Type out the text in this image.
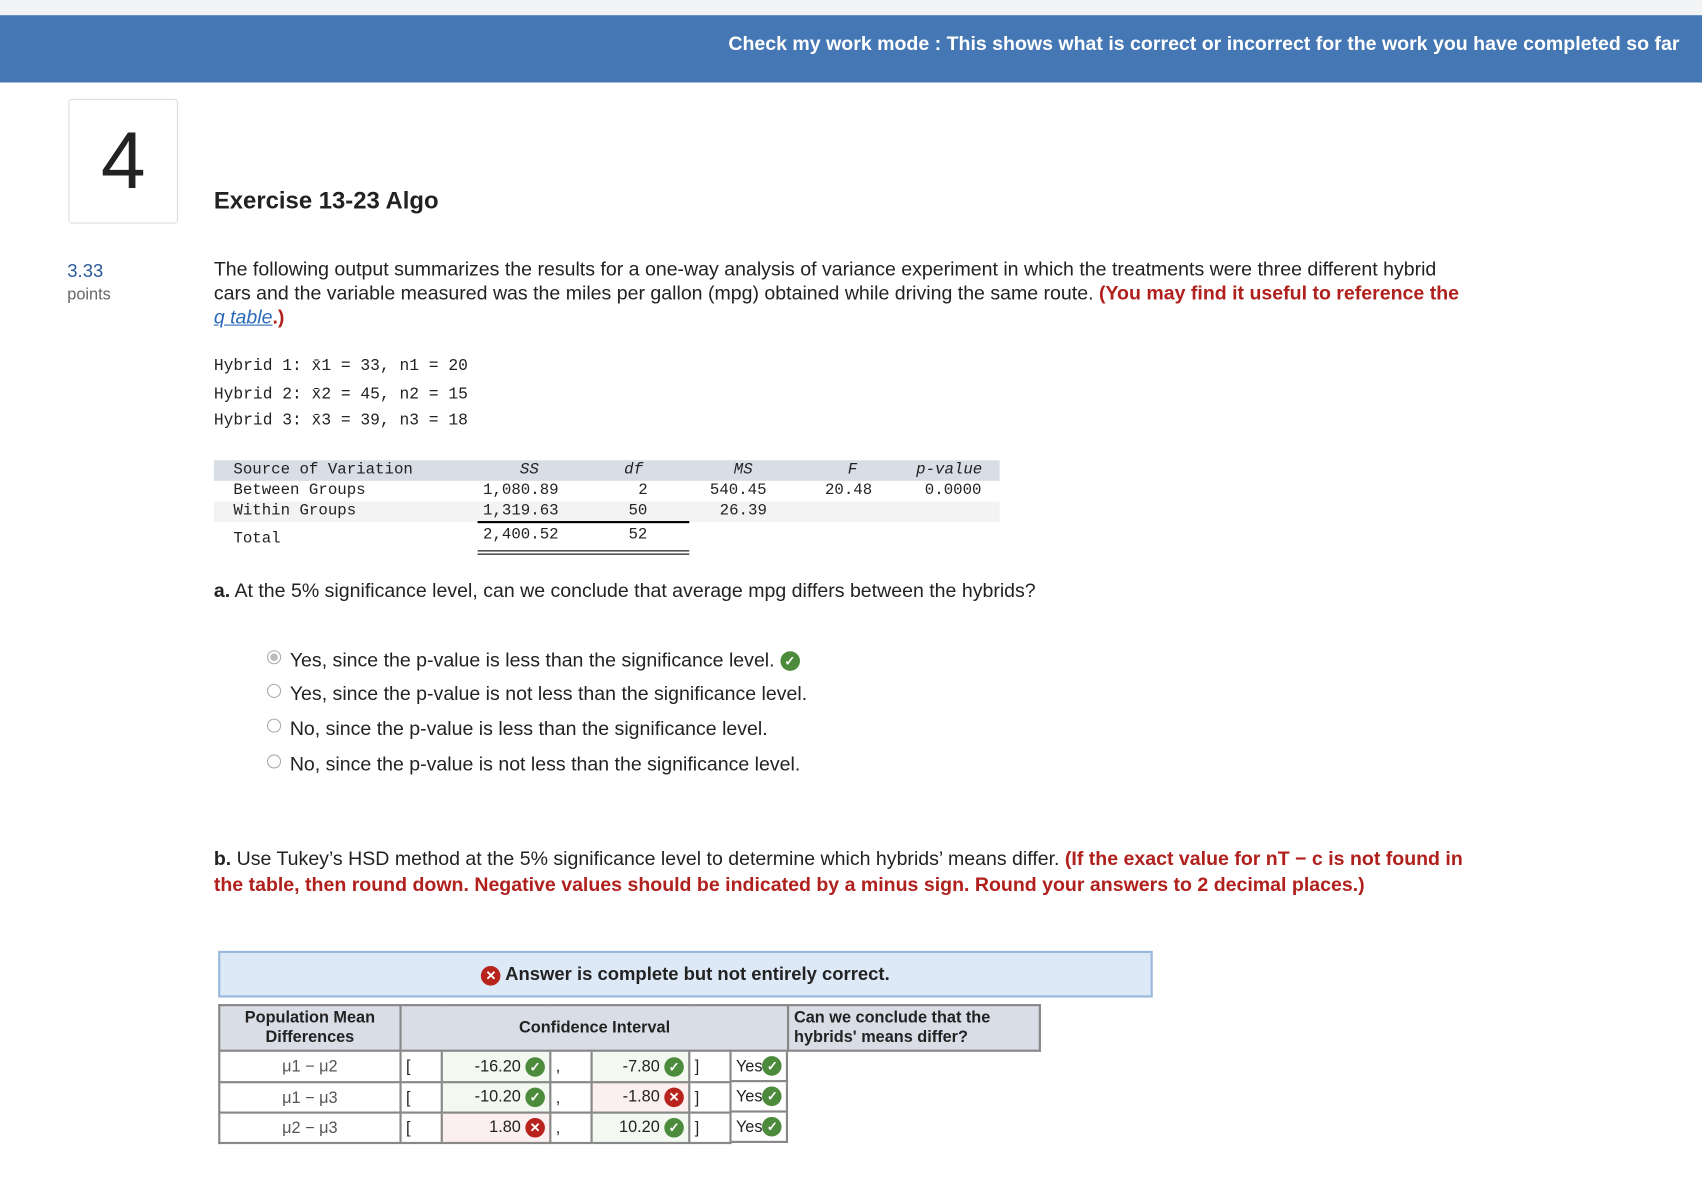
Check my work mode : This shows what is correct or incorrect for the work you have completed so far
4
3.33
points
Exercise 13-23 Algo
The following output summarizes the results for a one-way analysis of variance experiment in which the treatments were three different hybrid cars and the variable measured was the miles per gallon (mpg) obtained while driving the same route. (You may find it useful to reference the q table.)
Hybrid 1: x̄1 = 33, n1 = 20
Hybrid 2: x̄2 = 45, n2 = 15
Hybrid 3: x̄3 = 39, n3 = 18
Source of Variation	SS	df	MS	F	p-value
Between Groups	1,080.89	2	540.45	20.48	0.0000
Within Groups	1,319.63	50	26.39
Total	2,400.52	52
a. At the 5% significance level, can we conclude that average mpg differs between the hybrids?
Yes, since the p-value is less than the significance level.
✓
Yes, since the p-value is not less than the significance level.
No, since the p-value is less than the significance level.
No, since the p-value is not less than the significance level.
b. Use Tukey’s HSD method at the 5% significance level to determine which hybrids’ means differ. (If the exact value for nT − c is not found in the table, then round down. Negative values should be indicated by a minus sign. Round your answers to 2 decimal places.)
✕ Answer is complete but not entirely correct.
Population Mean Differences	Confidence Interval					Can we conclude that the hybrids' means differ?
μ1 − μ2	[	-16.20 ✓	,	-7.80 ✓	]	Yes ✓

μ1 − μ3	[	-10.20 ✓	,	-1.80 ✕	]	Yes ✓

μ2 − μ3	[	1.80 ✕	,	10.20 ✓	]	Yes ✓
